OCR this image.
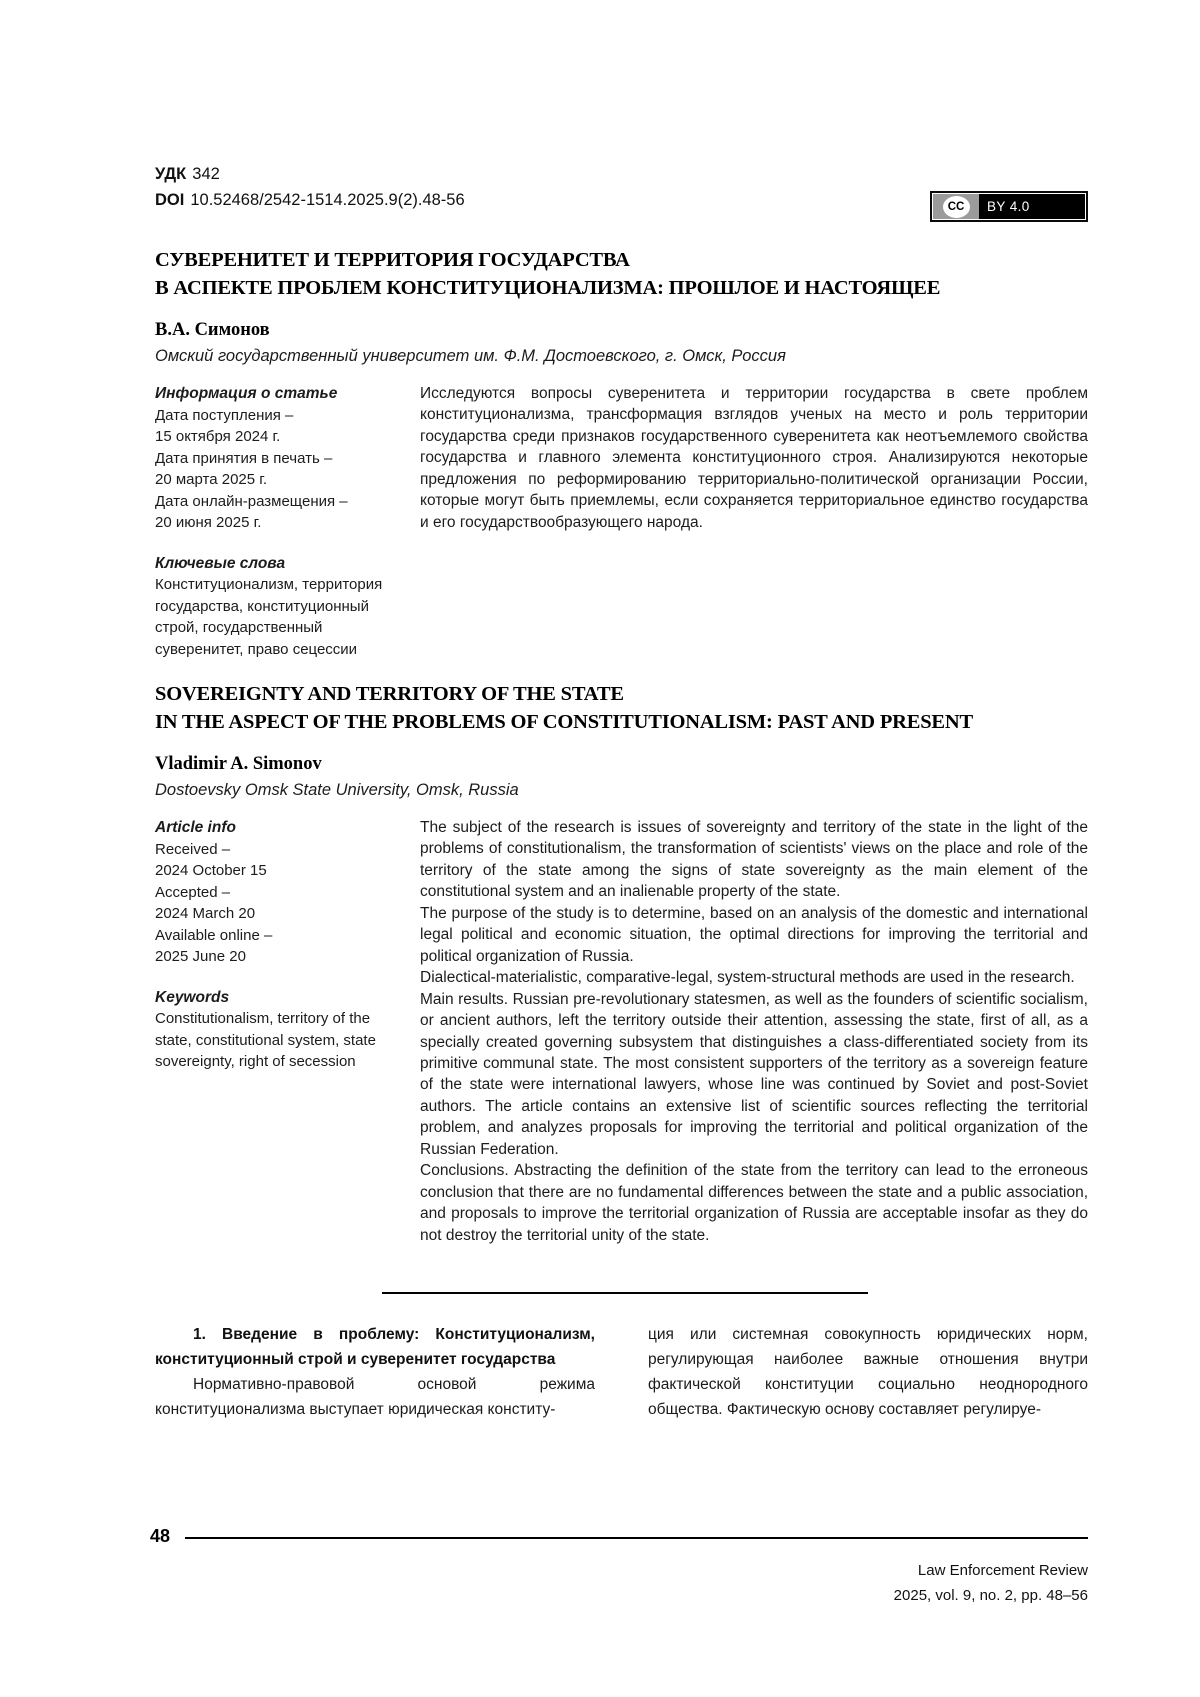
CC	BY 4.0
УДК 342
DOI 10.52468/2542-1514.2025.9(2).48-56
СУВЕРЕНИТЕТ И ТЕРРИТОРИЯ ГОСУДАРСТВА
В АСПЕКТЕ ПРОБЛЕМ КОНСТИТУЦИОНАЛИЗМА: ПРОШЛОЕ И НАСТОЯЩЕЕ
В.А. Симонов
Омский государственный университет им. Ф.М. Достоевского, г. Омск, Россия
Информация о статье
Дата поступления –
15 октября 2024 г.
Дата принятия в печать –
20 марта 2025 г.
Дата онлайн-размещения –
20 июня 2025 г.
Ключевые слова
Конституционализм, территория государства, конституционный строй, государственный суверенитет, право сецессии

Исследуются вопросы суверенитета и территории государства в свете проблем конституционализма, трансформация взглядов ученых на место и роль территории государства среди признаков государственного суверенитета как неотъемлемого свойства государства и главного элемента конституционного строя. Анализируются некоторые предложения по реформированию территориально-политической организации России, которые могут быть приемлемы, если сохраняется территориальное единство государства и его государствообразующего народа.

SOVEREIGNTY AND TERRITORY OF THE STATE
IN THE ASPECT OF THE PROBLEMS OF CONSTITUTIONALISM: PAST AND PRESENT
Vladimir A. Simonov
Dostoevsky Omsk State University, Omsk, Russia
Article info
Received –
2024 October 15
Accepted –
2024 March 20
Available online –
2025 June 20
Keywords
Constitutionalism, territory of the state, constitutional system, state sovereignty, right of secession

The subject of the research is issues of sovereignty and territory of the state in the light of the problems of constitutionalism, the transformation of scientists' views on the place and role of the territory of the state among the signs of state sovereignty as the main element of the constitutional system and an inalienable property of the state.

The purpose of the study is to determine, based on an analysis of the domestic and international legal political and economic situation, the optimal directions for improving the territorial and political organization of Russia.

Dialectical-materialistic, comparative-legal, system-structural methods are used in the research.

Main results. Russian pre-revolutionary statesmen, as well as the founders of scientific socialism, or ancient authors, left the territory outside their attention, assessing the state, first of all, as a specially created governing subsystem that distinguishes a class-differentiated society from its primitive communal state. The most consistent supporters of the territory as a sovereign feature of the state were international lawyers, whose line was continued by Soviet and post-Soviet authors. The article contains an extensive list of scientific sources reflecting the territorial problem, and analyzes proposals for improving the territorial and political organization of the Russian Federation.

Conclusions. Abstracting the definition of the state from the territory can lead to the erroneous conclusion that there are no fundamental differences between the state and a public association, and proposals to improve the territorial organization of Russia are acceptable insofar as they do not destroy the territorial unity of the state.

1. Введение в проблему: Конституционализм, конституционный строй и суверенитет государства

Нормативно-правовой основой режима конституционализма выступает юридическая конститу-

ция или системная совокупность юридических норм, регулирующая наиболее важные отношения внутри фактической конституции социально неоднородного общества. Фактическую основу составляет регулируе-

48
Law Enforcement Review
2025, vol. 9, no. 2, pp. 48–56
